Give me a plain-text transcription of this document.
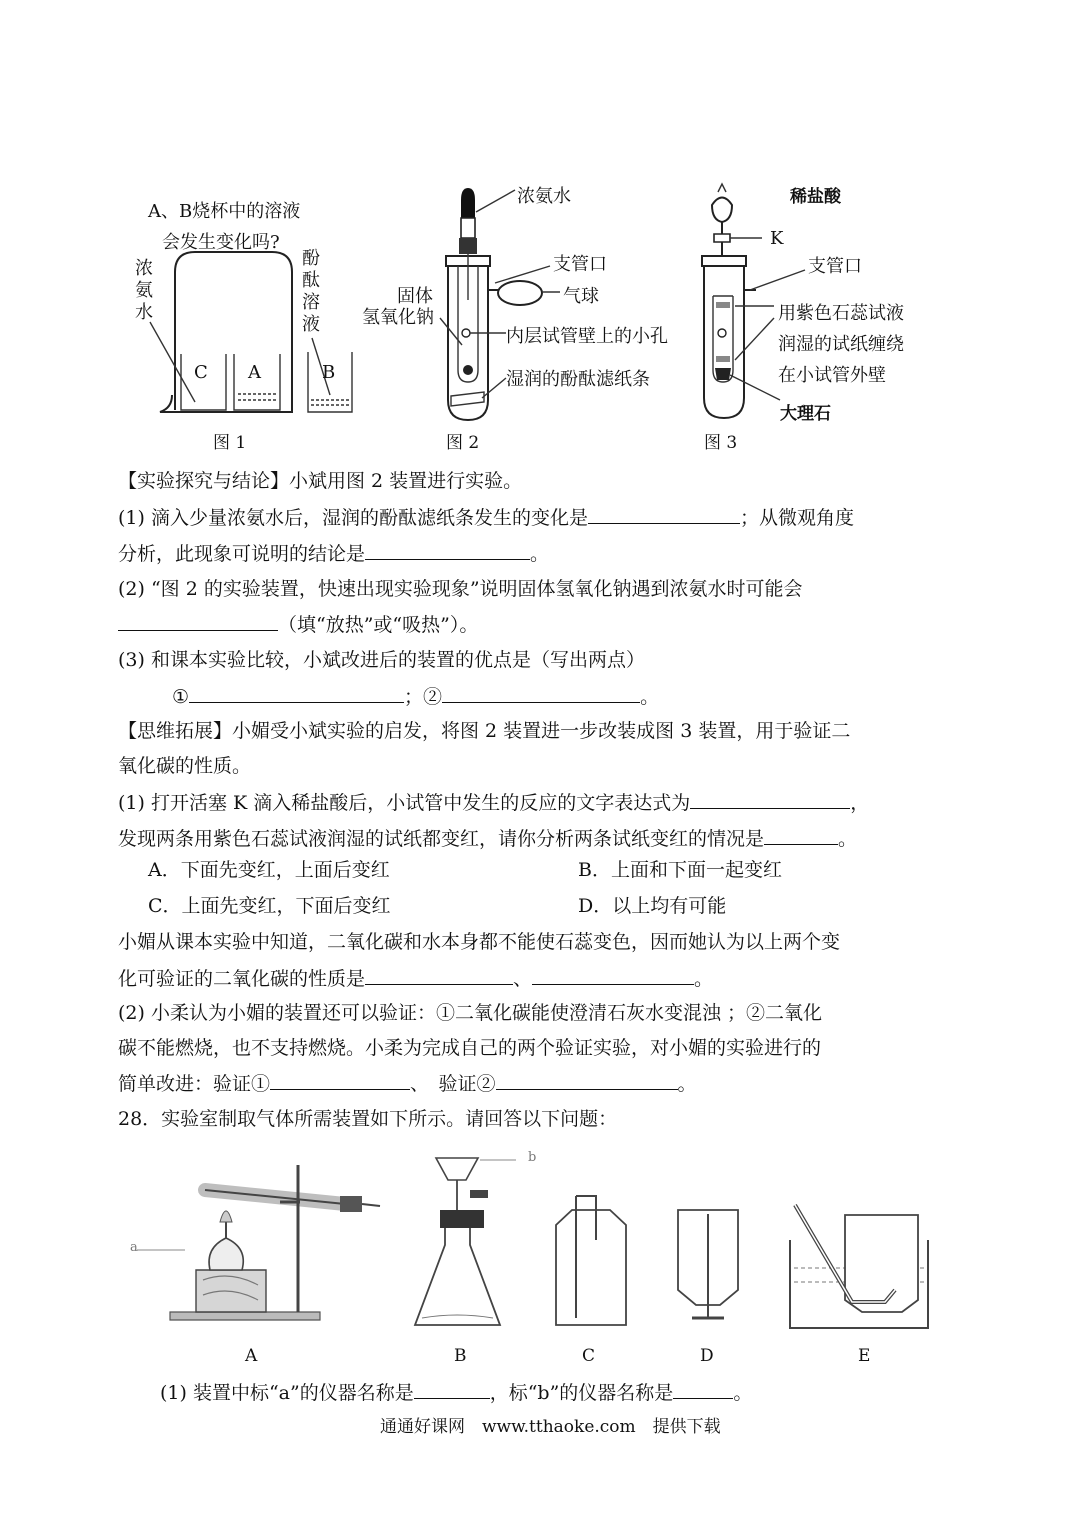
A、B烧杯中的溶液
会发生变化吗?
浓
氨
水
酚
酞
溶
液
C A	B
图 1
浓氨水
支管口
气球
固体
氢氧化钠
内层试管壁上的小孔
湿润的酚酞滤纸条
图 2
稀盐酸
K
支管口
用紫色石蕊试液
润湿的试纸缠绕
在小试管外壁
大理石
图 3
【实验探究与结论】小斌用图 2 装置进行实验。
(1) 滴入少量浓氨水后，湿润的酚酞滤纸条发生的变化是	；从微观角度
分析，此现象可说明的结论是	。
(2) “图 2 的实验装置，快速出现实验现象”说明固体氢氧化钠遇到浓氨水时可能会
（填“放热”或“吸热”）。
(3) 和课本实验比较，小斌改进后的装置的优点是（写出两点）
①	；②	。
【思维拓展】小媚受小斌实验的启发，将图 2 装置进一步改装成图 3 装置，用于验证二
氧化碳的性质。
(1) 打开活塞 K 滴入稀盐酸后，小试管中发生的反应的文字表达式为	，
发现两条用紫色石蕊试液润湿的试纸都变红，请你分析两条试纸变红的情况是	。
A．下面先变红，上面后变红	B．上面和下面一起变红
C．上面先变红，下面后变红	D．以上均有可能
小媚从课本实验中知道，二氧化碳和水本身都不能使石蕊变色，因而她认为以上两个变
化可验证的二氧化碳的性质是	、	。
(2) 小柔认为小媚的装置还可以验证：①二氧化碳能使澄清石灰水变混浊 ；②二氧化
碳不能燃烧，也不支持燃烧。小柔为完成自己的两个验证实验，对小媚的实验进行的
简单改进：验证①	、　验证②	。
28．实验室制取气体所需装置如下所示。请回答以下问题：
a
b
A	B	C	D	E
(1) 装置中标“a”的仪器名称是	，标“b”的仪器名称是	。
通通好课网　www.tthaoke.com　提供下载
